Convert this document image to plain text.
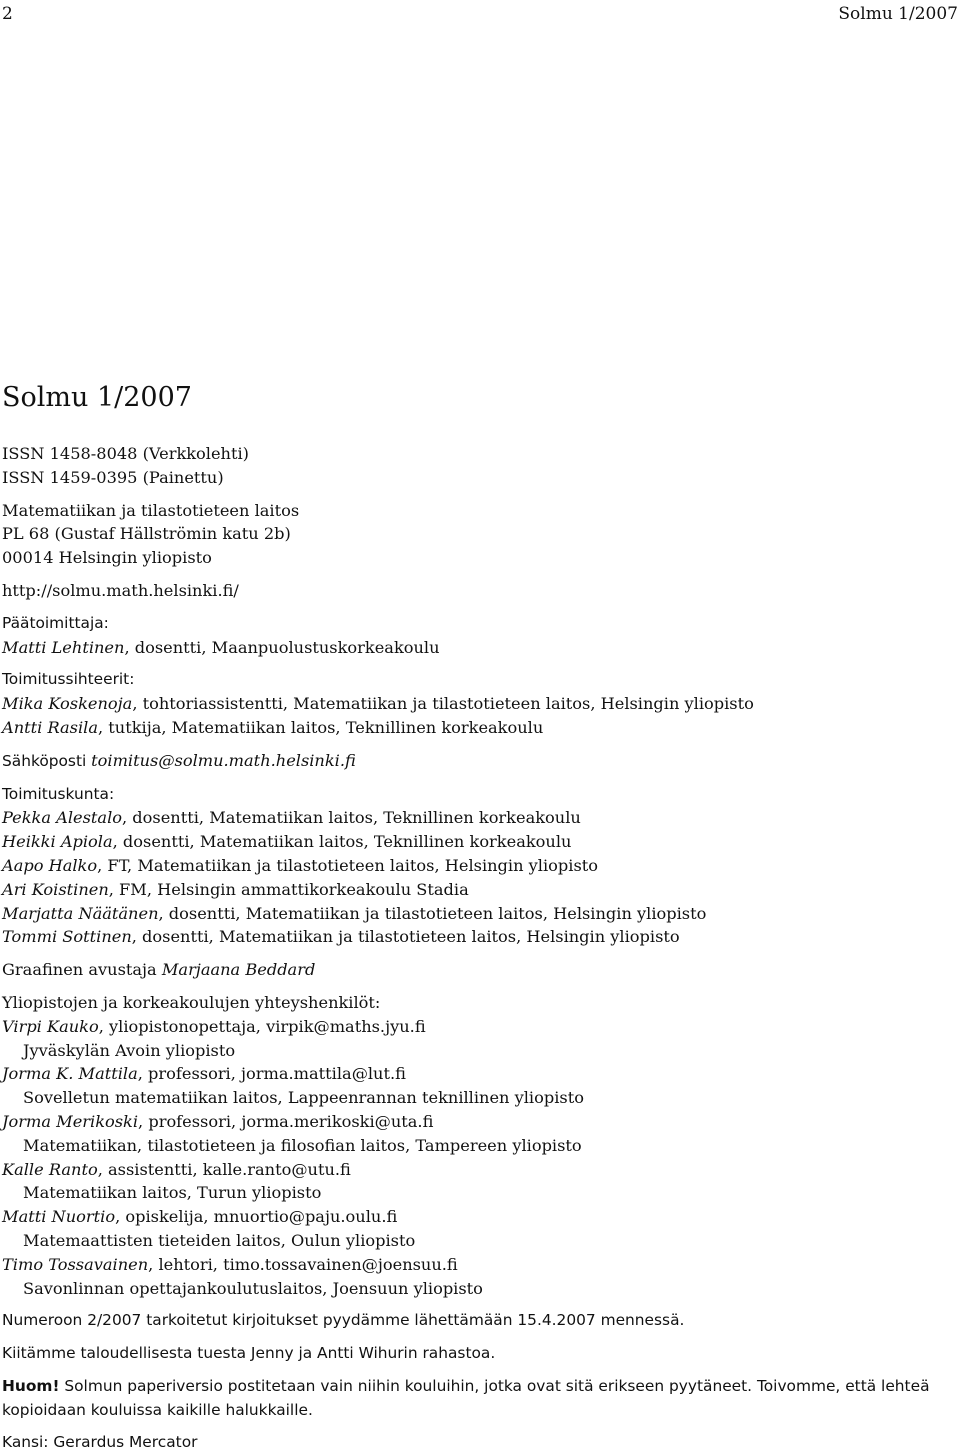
2	Solmu 1/2007
Solmu 1/2007
ISSN 1458-8048 (Verkkolehti)
ISSN 1459-0395 (Painettu)
Matematiikan ja tilastotieteen laitos
PL 68 (Gustaf Hällströmin katu 2b)
00014 Helsingin yliopisto
http://solmu.math.helsinki.fi/
Päätoimittaja:
Matti Lehtinen, dosentti, Maanpuolustuskorkeakoulu
Toimitussihteerit:
Mika Koskenoja, tohtoriassistentti, Matematiikan ja tilastotieteen laitos, Helsingin yliopisto
Antti Rasila, tutkija, Matematiikan laitos, Teknillinen korkeakoulu
Sähköposti toimitus@solmu.math.helsinki.fi
Toimituskunta:
Pekka Alestalo, dosentti, Matematiikan laitos, Teknillinen korkeakoulu
Heikki Apiola, dosentti, Matematiikan laitos, Teknillinen korkeakoulu
Aapo Halko, FT, Matematiikan ja tilastotieteen laitos, Helsingin yliopisto
Ari Koistinen, FM, Helsingin ammattikorkeakoulu Stadia
Marjatta Näätänen, dosentti, Matematiikan ja tilastotieteen laitos, Helsingin yliopisto
Tommi Sottinen, dosentti, Matematiikan ja tilastotieteen laitos, Helsingin yliopisto
Graafinen avustaja Marjaana Beddard
Yliopistojen ja korkeakoulujen yhteyshenkilöt:
Virpi Kauko, yliopistonopettaja, virpik@maths.jyu.fi
Jyväskylän Avoin yliopisto
Jorma K. Mattila, professori, jorma.mattila@lut.fi
Sovelletun matematiikan laitos, Lappeenrannan teknillinen yliopisto
Jorma Merikoski, professori, jorma.merikoski@uta.fi
Matematiikan, tilastotieteen ja filosofian laitos, Tampereen yliopisto
Kalle Ranto, assistentti, kalle.ranto@utu.fi
Matematiikan laitos, Turun yliopisto
Matti Nuortio, opiskelija, mnuortio@paju.oulu.fi
Matemaattisten tieteiden laitos, Oulun yliopisto
Timo Tossavainen, lehtori, timo.tossavainen@joensuu.fi
Savonlinnan opettajankoulutuslaitos, Joensuun yliopisto
Numeroon 2/2007 tarkoitetut kirjoitukset pyydämme lähettämään 15.4.2007 mennessä.
Kiitämme taloudellisesta tuesta Jenny ja Antti Wihurin rahastoa.
Huom! Solmun paperiversio postitetaan vain niihin kouluihin, jotka ovat sitä erikseen pyytäneet. Toivomme, että lehteä kopioidaan kouluissa kaikille halukkaille.
Kansi: Gerardus Mercator
